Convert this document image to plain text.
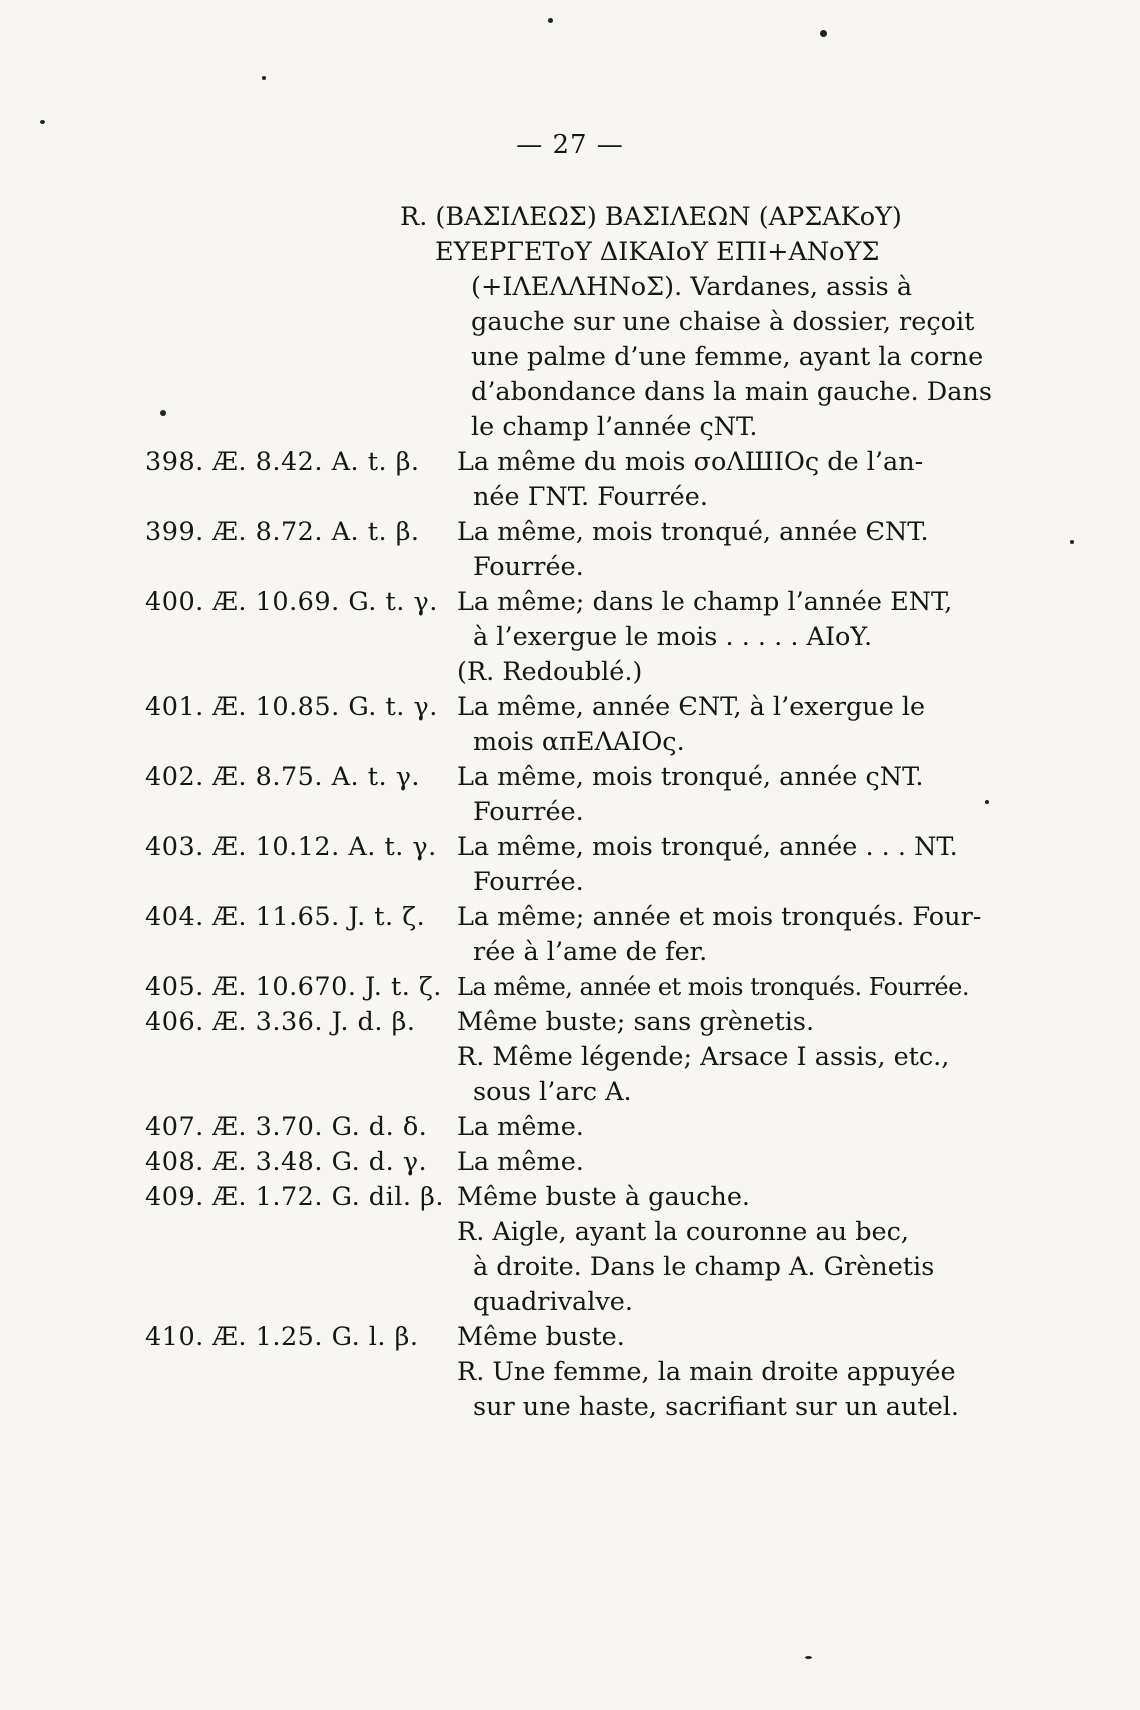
— 27 —
R. (ΒΑΣΙΛΕΩΣ) ΒΑΣΙΛΕΩΝ (ΑΡΣΑΚοΥ)
ΕΥΕΡΓΕΤοΥ ΔΙΚΑΙοΥ ΕΠΙ+ΑΝοΥΣ
(+ΙΛΕΛΛΗΝοΣ). Vardanes, assis à
gauche sur une chaise à dossier, reçoit
une palme d’une femme, ayant la corne
d’abondance dans la main gauche. Dans
le champ l’année ςNT.
398. Æ. 8.42. A. t. β.	La même du mois σοΛШΙΟς de l’an-
née ΓNT. Fourrée.
399. Æ. 8.72. A. t. β.	La même, mois tronqué, année ЄNT.
Fourrée.
400. Æ. 10.69. G. t. γ. La même; dans le champ l’année ENT,
à l’exergue le mois . . . . . AΙoY.
(R. Redoublé.)
401. Æ. 10.85. G. t. γ. La même, année ЄNT, à l’exergue le
mois απΕΛΑΙΟς.
402. Æ. 8.75. A. t. γ.	La même, mois tronqué, année ςNT.
Fourrée.
403. Æ. 10.12. A. t. γ. La même, mois tronqué, année . . . NT.
Fourrée.
404. Æ. 11.65. J. t. ζ.	La même; année et mois tronqués. Four-
rée à l’ame de fer.
405. Æ. 10.670. J. t. ζ. La même, année et mois tronqués. Fourrée.
406. Æ. 3.36. J. d. β.	Même buste; sans grènetis.
R. Même légende; Arsace I assis, etc.,
sous l’arc A.
407. Æ. 3.70. G. d. δ.	La même.
408. Æ. 3.48. G. d. γ.	La même.
409. Æ. 1.72. G. dil. β. Même buste à gauche.
R. Aigle, ayant la couronne au bec,
à droite. Dans le champ A. Grènetis
quadrivalve.
410. Æ. 1.25. G. l. β.	Même buste.
R. Une femme, la main droite appuyée
sur une haste, sacrifiant sur un autel.
